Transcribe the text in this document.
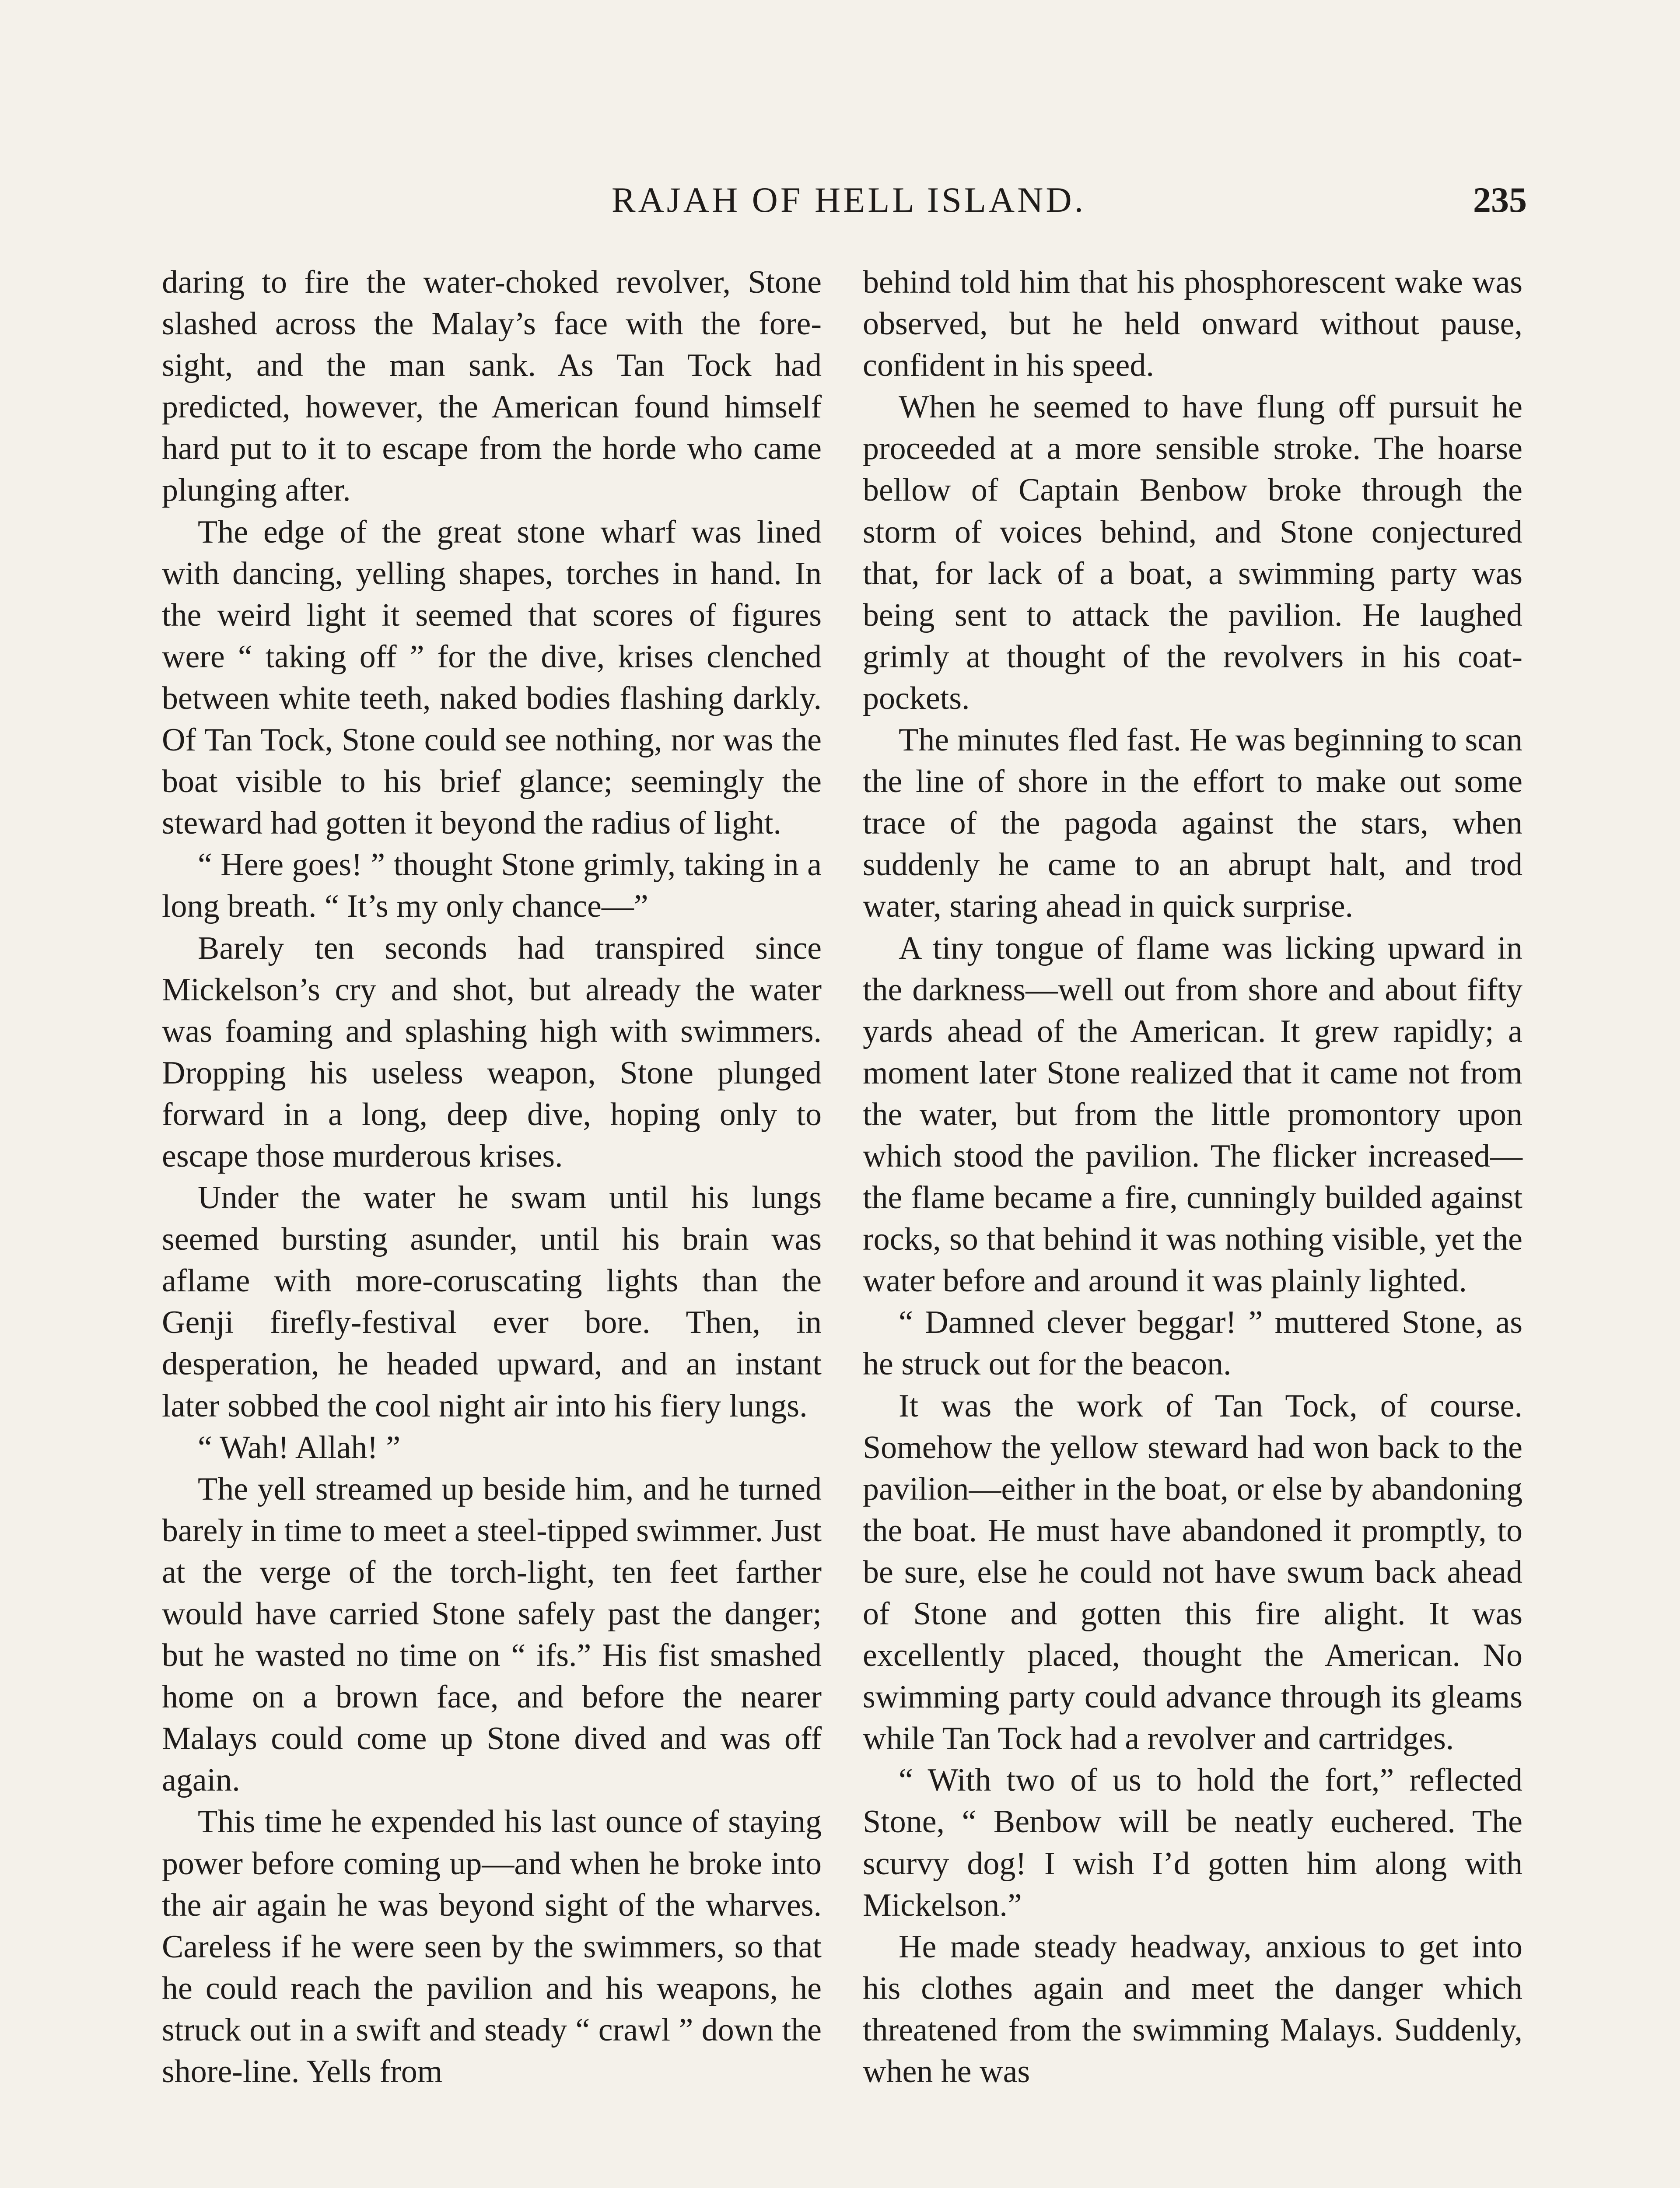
RAJAH OF HELL ISLAND.	235

daring to fire the water-choked revolver, Stone slashed across the Malay’s face with the fore-sight, and the man sank. As Tan Tock had predicted, however, the American found himself hard put to it to escape from the horde who came plunging after.

The edge of the great stone wharf was lined with dancing, yelling shapes, torches in hand. In the weird light it seemed that scores of figures were “ taking off ” for the dive, krises clenched between white teeth, naked bodies flashing darkly. Of Tan Tock, Stone could see nothing, nor was the boat visible to his brief glance; seemingly the steward had gotten it beyond the radius of light.

“ Here goes! ” thought Stone grimly, taking in a long breath. “ It’s my only chance—”

Barely ten seconds had transpired since Mickelson’s cry and shot, but already the water was foaming and splashing high with swimmers. Dropping his useless weapon, Stone plunged forward in a long, deep dive, hoping only to escape those murderous krises.

Under the water he swam until his lungs seemed bursting asunder, until his brain was aflame with more-coruscating lights than the Genji firefly-festival ever bore. Then, in desperation, he headed upward, and an instant later sobbed the cool night air into his fiery lungs.

“ Wah! Allah! ”

The yell streamed up beside him, and he turned barely in time to meet a steel-tipped swimmer. Just at the verge of the torch-light, ten feet farther would have carried Stone safely past the danger; but he wasted no time on “ ifs.” His fist smashed home on a brown face, and before the nearer Malays could come up Stone dived and was off again.

This time he expended his last ounce of staying power before coming up—and when he broke into the air again he was beyond sight of the wharves. Careless if he were seen by the swimmers, so that he could reach the pavilion and his weapons, he struck out in a swift and steady “ crawl ” down the shore-line. Yells from

behind told him that his phosphorescent wake was observed, but he held onward without pause, confident in his speed.

When he seemed to have flung off pursuit he proceeded at a more sensible stroke. The hoarse bellow of Captain Benbow broke through the storm of voices behind, and Stone conjectured that, for lack of a boat, a swimming party was being sent to attack the pavilion. He laughed grimly at thought of the revolvers in his coat-pockets.

The minutes fled fast. He was beginning to scan the line of shore in the effort to make out some trace of the pagoda against the stars, when suddenly he came to an abrupt halt, and trod water, staring ahead in quick surprise.

A tiny tongue of flame was licking upward in the darkness—well out from shore and about fifty yards ahead of the American. It grew rapidly; a moment later Stone realized that it came not from the water, but from the little promontory upon which stood the pavilion. The flicker increased—the flame became a fire, cunningly builded against rocks, so that behind it was nothing visible, yet the water before and around it was plainly lighted.

“ Damned clever beggar! ” muttered Stone, as he struck out for the beacon.

It was the work of Tan Tock, of course. Somehow the yellow steward had won back to the pavilion—either in the boat, or else by abandoning the boat. He must have abandoned it promptly, to be sure, else he could not have swum back ahead of Stone and gotten this fire alight. It was excellently placed, thought the American. No swimming party could advance through its gleams while Tan Tock had a revolver and cartridges.

“ With two of us to hold the fort,” reflected Stone, “ Benbow will be neatly euchered. The scurvy dog! I wish I’d gotten him along with Mickelson.”

He made steady headway, anxious to get into his clothes again and meet the danger which threatened from the swimming Malays. Suddenly, when he was
